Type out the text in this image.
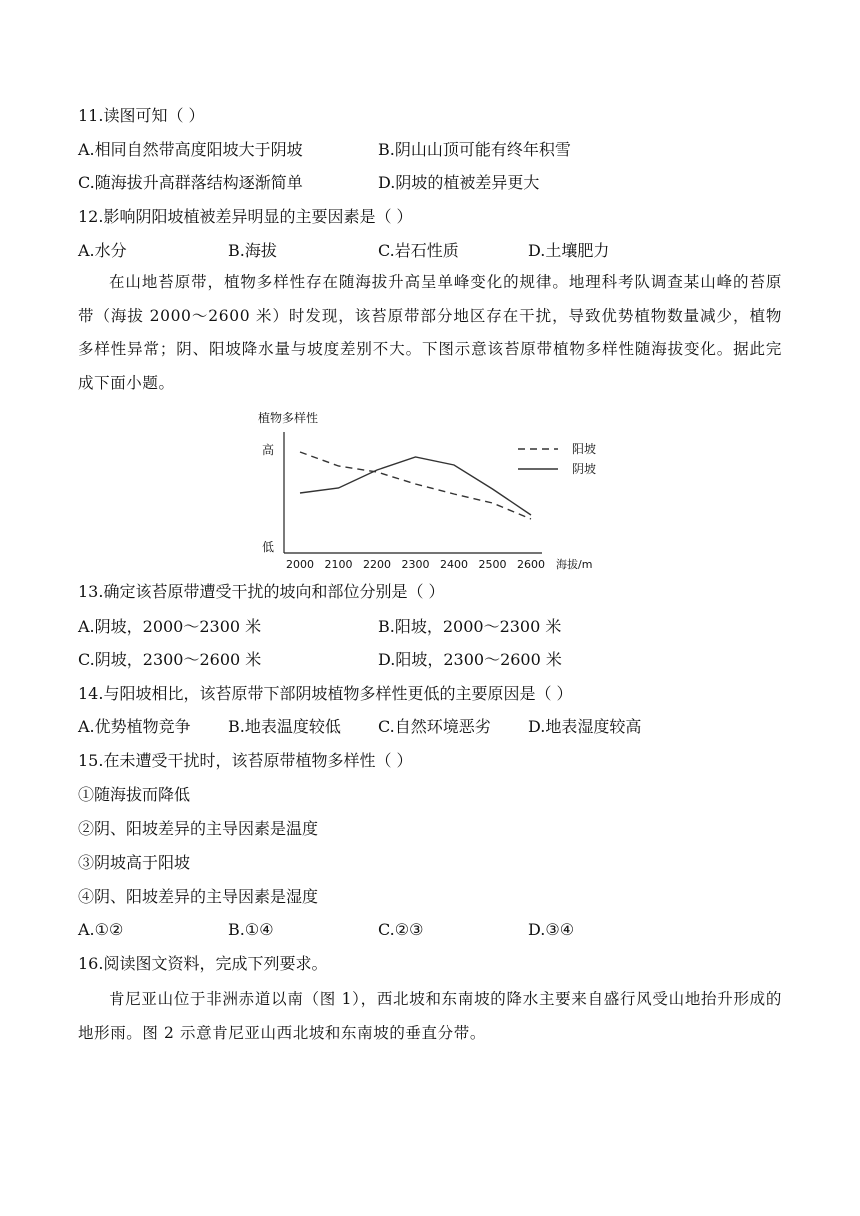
11.读图可知（ ）
A.相同自然带高度阳坡大于阴坡	B.阴山山顶可能有终年积雪
C.随海拔升高群落结构逐渐简单	D.阴坡的植被差异更大
12.影响阴阳坡植被差异明显的主要因素是（ ）
A.水分	B.海拔	C.岩石性质	D.土壤肥力
在山地苔原带，植物多样性存在随海拔升高呈单峰变化的规律。地理科考队调查某山峰的苔原带（海拔 2000～2600 米）时发现，该苔原带部分地区存在干扰，导致优势植物数量减少，植物多样性异常；阴、阳坡降水量与坡度差别不大。下图示意该苔原带植物多样性随海拔变化。据此完成下面小题。
植物多样性
高
低
2000 2100 2200 2300 2400 2500 2600 海拔/m
阳坡
阴坡
13.确定该苔原带遭受干扰的坡向和部位分别是（ ）
A.阴坡，2000～2300 米	B.阳坡，2000～2300 米
C.阴坡，2300～2600 米	D.阳坡，2300～2600 米
14.与阳坡相比，该苔原带下部阴坡植物多样性更低的主要原因是（ ）
A.优势植物竞争 B.地表温度较低 C.自然环境恶劣 D.地表湿度较高
15.在未遭受干扰时，该苔原带植物多样性（ ）
①随海拔而降低
②阴、阳坡差异的主导因素是温度
③阴坡高于阳坡
④阴、阳坡差异的主导因素是湿度
A.①②	B.①④	C.②③	D.③④
16.阅读图文资料，完成下列要求。
肯尼亚山位于非洲赤道以南（图 1），西北坡和东南坡的降水主要来自盛行风受山地抬升形成的地形雨。图 2 示意肯尼亚山西北坡和东南坡的垂直分带。
